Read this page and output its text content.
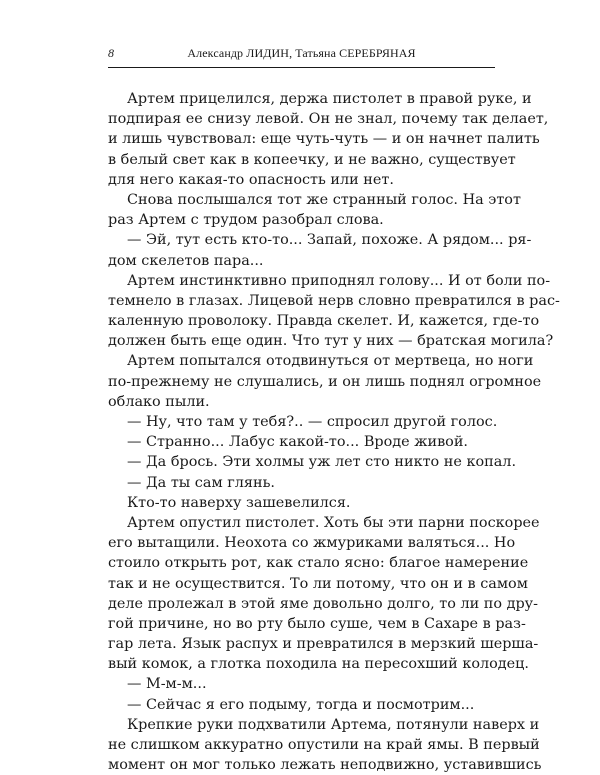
8	Александр ЛИДИН, Татьяна СЕРЕБРЯНАЯ
Артем прицелился, держа пистолет в правой руке, и
подпирая ее снизу левой. Он не знал, почему так делает,
и лишь чувствовал: еще чуть-чуть — и он начнет палить
в белый свет как в копеечку, и не важно, существует
для него какая-то опасность или нет.
Снова послышался тот же странный голос. На этот
раз Артем с трудом разобрал слова.
— Эй, тут есть кто-то... Запай, похоже. А рядом... ря-
дом скелетов пара...
Артем инстинктивно приподнял голову... И от боли по-
темнело в глазах. Лицевой нерв словно превратился в рас-
каленную проволоку. Правда скелет. И, кажется, где-то
должен быть еще один. Что тут у них — братская могила?
Артем попытался отодвинуться от мертвеца, но ноги
по-прежнему не слушались, и он лишь поднял огромное
облако пыли.
— Ну, что там у тебя?.. — спросил другой голос.
— Странно... Лабус какой-то... Вроде живой.
— Да брось. Эти холмы уж лет сто никто не копал.
— Да ты сам глянь.
Кто-то наверху зашевелился.
Артем опустил пистолет. Хоть бы эти парни поскорее
его вытащили. Неохота со жмуриками валяться... Но
стоило открыть рот, как стало ясно: благое намерение
так и не осуществится. То ли потому, что он и в самом
деле пролежал в этой яме довольно долго, то ли по дру-
гой причине, но во рту было суше, чем в Сахаре в раз-
гар лета. Язык распух и превратился в мерзкий шерша-
вый комок, а глотка походила на пересохший колодец.
— М-м-м...
— Сейчас я его подыму, тогда и посмотрим...
Крепкие руки подхватили Артема, потянули наверх и
не слишком аккуратно опустили на край ямы. В первый
момент он мог только лежать неподвижно, уставившись
